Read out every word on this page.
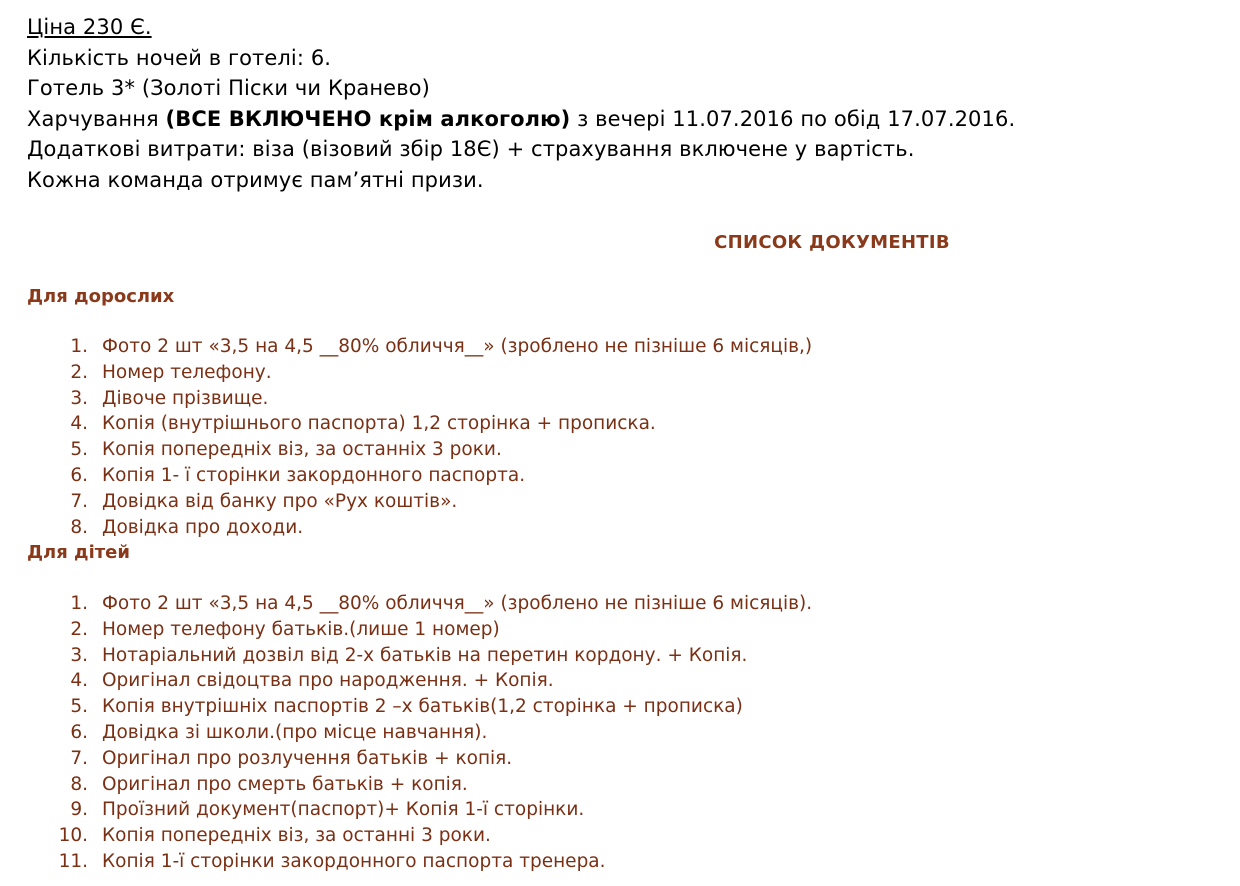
Ціна 230 Є.
Кількість ночей в готелі: 6.
Готель 3* (Золоті Піски чи Кранево)
Харчування (ВСЕ ВКЛЮЧЕНО крім алкоголю) з вечері 11.07.2016 по обід 17.07.2016.
Додаткові витрати: віза (візовий збір 18Є) + страхування включене у вартість.
Кожна команда отримує пам’ятні призи.
СПИСОК ДОКУМЕНТІВ
Для дорослих
1. Фото 2 шт «3,5 на 4,5 __80% обличчя__» (зроблено не пізніше 6 місяців,)
2. Номер телефону.
3. Дівоче прізвище.
4. Копія (внутрішнього паспорта) 1,2 сторінка + прописка.
5. Копія попередніх віз, за останніх 3 роки.
6. Копія 1- ї сторінки закордонного паспорта.
7. Довідка від банку про «Рух коштів».
8. Довідка про доходи.
Для дітей
1. Фото 2 шт «3,5 на 4,5 __80% обличчя__» (зроблено не пізніше 6 місяців).
2. Номер телефону батьків.(лише 1 номер)
3. Нотаріальний дозвіл від 2-х батьків на перетин кордону. + Копія.
4. Оригінал свідоцтва про народження. + Копія.
5. Копія внутрішніх паспортів 2 –х батьків(1,2 сторінка + прописка)
6. Довідка зі школи.(про місце навчання).
7. Оригінал про розлучення батьків + копія.
8. Оригінал про смерть батьків + копія.
9. Проїзний документ(паспорт)+ Копія 1-ї сторінки.
10. Копія попередніх віз, за останні 3 роки.
11. Копія 1-ї сторінки закордонного паспорта тренера.
